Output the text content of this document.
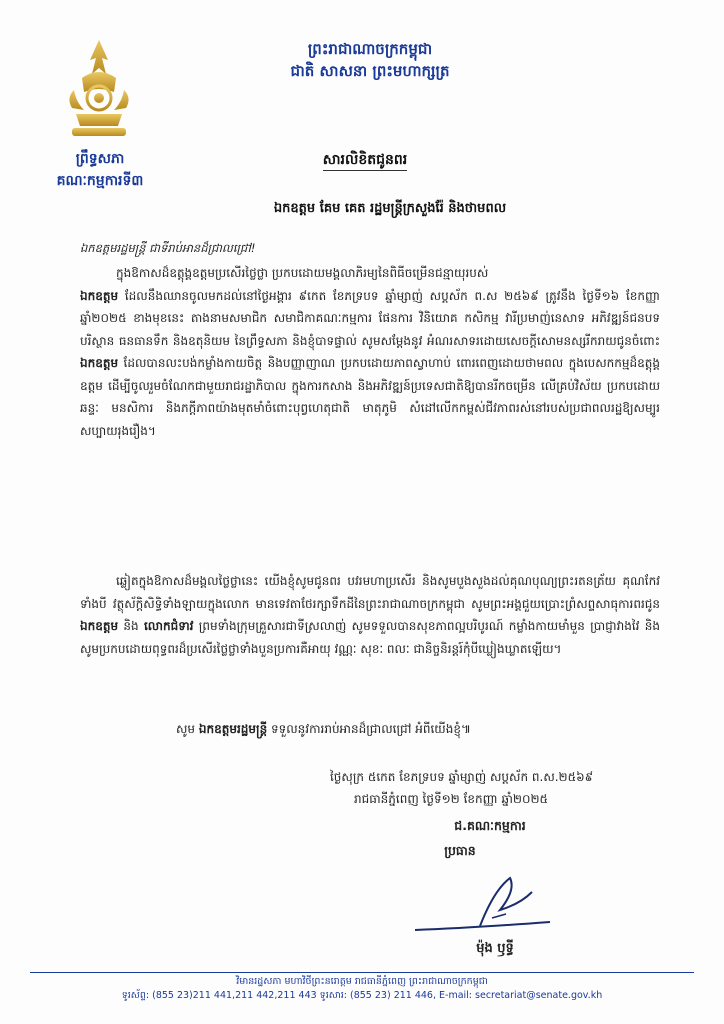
ព្រឹទ្ធសភា
គណៈកម្មការទី៣
ព្រះរាជាណាចក្រកម្ពុជា
ជាតិ សាសនា ព្រះមហាក្សត្រ
សារលិខិតជូនពរ
ឯកឧត្តម គែម គេត រដ្ឋមន្ត្រីក្រសួងរ៉ែ និងថាមពល
ឯកឧត្តមរដ្ឋមន្ត្រី ជាទីរាប់អានដ៏ជ្រាលជ្រៅ!
ក្នុងឱកាសដ៏ឧត្តុង្គឧត្តមប្រសើរថ្លៃថ្លា ប្រកបដោយមង្គលាភិរម្យនៃពិធីចម្រើនជន្មាយុរបស់
ឯកឧត្តម ដែលនឹងឈានចូលមកដល់នៅថ្ងៃអង្គារ ៩កេត ខែភទ្របទ ឆ្នាំម្សាញ់ សប្តស័ក ព.ស ២៥៦៩ ត្រូវនឹង ថ្ងៃទី១៦ ខែកញ្ញា ឆ្នាំ២០២៥ ខាងមុខនេះ តាងនាមសមាជិក សមាជិកាគណៈកម្មការ ផែនការ វិនិយោគ កសិកម្ម វារីប្រមាញ់នេសាទ អភិវឌ្ឍន៍ជនបទ បរិស្ថាន ធនធានទឹក និងឧតុនិយម នៃព្រឹទ្ធសភា និងខ្ញុំបាទផ្ទាល់ សូមសម្តែងនូវ អំណរសាទរដោយសេចក្តីសោមនស្សរីករាយជូនចំពោះ ឯកឧត្តម ដែលបានលះបង់កម្លាំងកាយចិត្ត និងបញ្ញាញាណ ប្រកបដោយភាពស្វាហាប់ ពោរពេញដោយថាមពល ក្នុងបេសកកម្មដ៏ឧត្តុង្គឧត្តម ដើម្បីចូលរួមចំណែកជាមួយរាជរដ្ឋាភិបាល ក្នុងការកសាង និងអភិវឌ្ឍន៍ប្រទេសជាតិឱ្យបានរីកចម្រើន លើគ្រប់វិស័យ ប្រកបដោយឆន្ទៈ មនសិការ និងភក្តីភាពយ៉ាងមុតមាំចំពោះបុព្វហេតុជាតិ មាតុភូមិ សំដៅលើកកម្ពស់ជីវភាពរស់នៅរបស់ប្រជាពលរដ្ឋឱ្យសម្បូរសប្បាយរុងរឿង។
ឆ្លៀតក្នុងឱកាសដ៏មង្គលថ្លៃថ្លានេះ យើងខ្ញុំសូមជូនពរ បវរមហាប្រសើរ និងសូមបួងសួងដល់គុណបុណ្យព្រះរតនត្រ័យ គុណកែវទាំងបី វត្ថុស័ក្តិសិទ្ធិទាំងឡាយក្នុងលោក មានទេវតាថែរក្សាទឹកដីនៃព្រះរាជាណាចក្រកម្ពុជា សូមព្រះអង្គជួយប្រោះព្រំសព្ទសាធុការពរជូន ឯកឧត្តម និង លោកជំទាវ ព្រមទាំងក្រុមគ្រួសារជាទីស្រលាញ់ សូមទទួលបានសុខភាពល្អបរិបូរណ៍ កម្លាំងកាយមាំមួន ប្រាជ្ញាវាងវៃ និង សូមប្រកបដោយពុទ្ធពរដ៏ប្រសើរថ្លៃថ្លាទាំងបួនប្រការគឺអាយុ វណ្ណៈ សុខៈ ពលៈ ជានិច្ចនិរន្តរ៍កុំបីឃ្លៀងឃ្លាតឡើយ។
សូម ឯកឧត្តមរដ្ឋមន្ត្រី ទទួលនូវការរាប់អានដ៏ជ្រាលជ្រៅ អំពីយើងខ្ញុំ៕
ថ្ងៃសុក្រ ៥កេត ខែភទ្របទ ឆ្នាំម្សាញ់ សប្តស័ក ព.ស.២៥៦៩
រាជធានីភ្នំពេញ ថ្ងៃទី១២ ខែកញ្ញា ឆ្នាំ២០២៥
ជ.គណៈកម្មការ
ប្រធាន
ម៉ុង ឫទ្ធី
វិមានរដ្ឋសភា មហាវិថីព្រះនរោត្តម រាជធានីភ្នំពេញ ព្រះរាជាណាចក្រកម្ពុជា
ទូរស័ព្ទ: (855 23)211 441,211 442,211 443 ទូរសារ: (855 23) 211 446, E-mail: secretariat@senate.gov.kh
